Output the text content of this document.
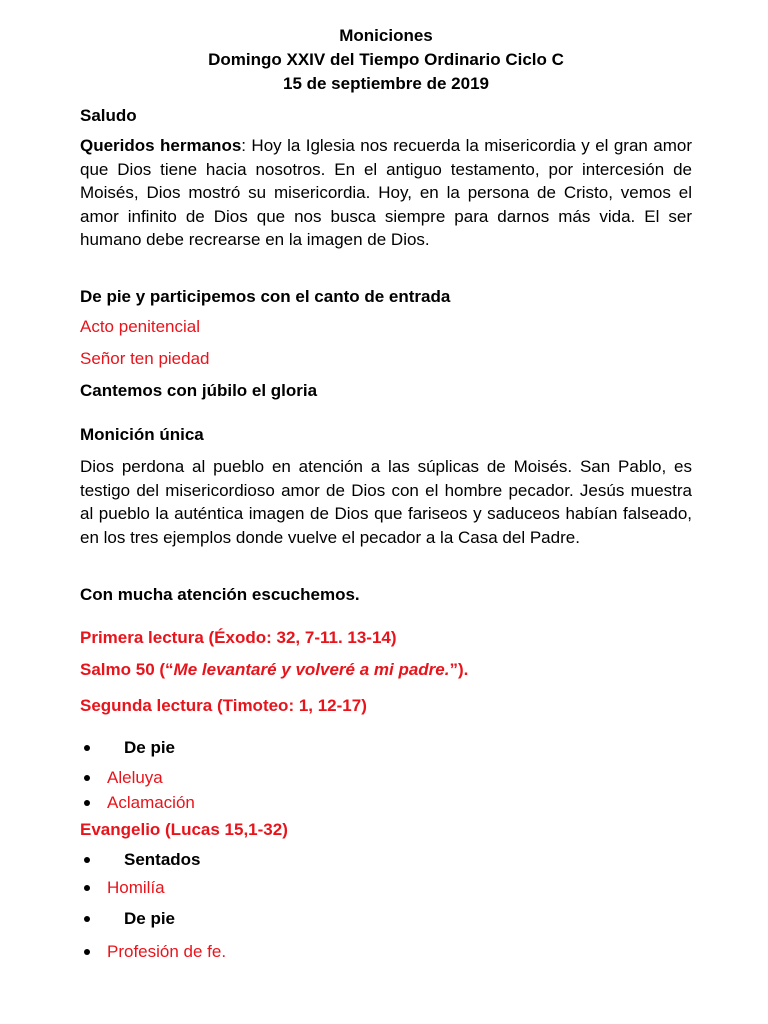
Moniciones
Domingo XXIV del Tiempo Ordinario Ciclo C
15 de septiembre de 2019
Saludo
Queridos hermanos: Hoy la Iglesia nos recuerda la misericordia y el gran amor que Dios tiene hacia nosotros. En el antiguo testamento, por intercesión de Moisés, Dios mostró su misericordia. Hoy, en la persona de Cristo, vemos el amor infinito de Dios que nos busca siempre para darnos más vida. El ser humano debe recrearse en la imagen de Dios.
De pie y participemos con el canto de entrada
Acto penitencial
Señor ten piedad
Cantemos con júbilo el gloria
Monición única
Dios perdona al pueblo en atención a las súplicas de Moisés. San Pablo, es testigo del misericordioso amor de Dios con el hombre pecador. Jesús muestra al pueblo la auténtica imagen de Dios que fariseos y saduceos habían falseado, en los tres ejemplos donde vuelve el pecador a la Casa del Padre.
Con mucha atención escuchemos.
Primera lectura (Éxodo: 32, 7-11. 13-14)
Salmo 50 (“Me levantaré y volveré a mi padre.”).
Segunda lectura (Timoteo: 1, 12-17)
De pie
Aleluya
Aclamación
Evangelio (Lucas 15,1-32)
Sentados
Homilía
De pie
Profesión de fe.
